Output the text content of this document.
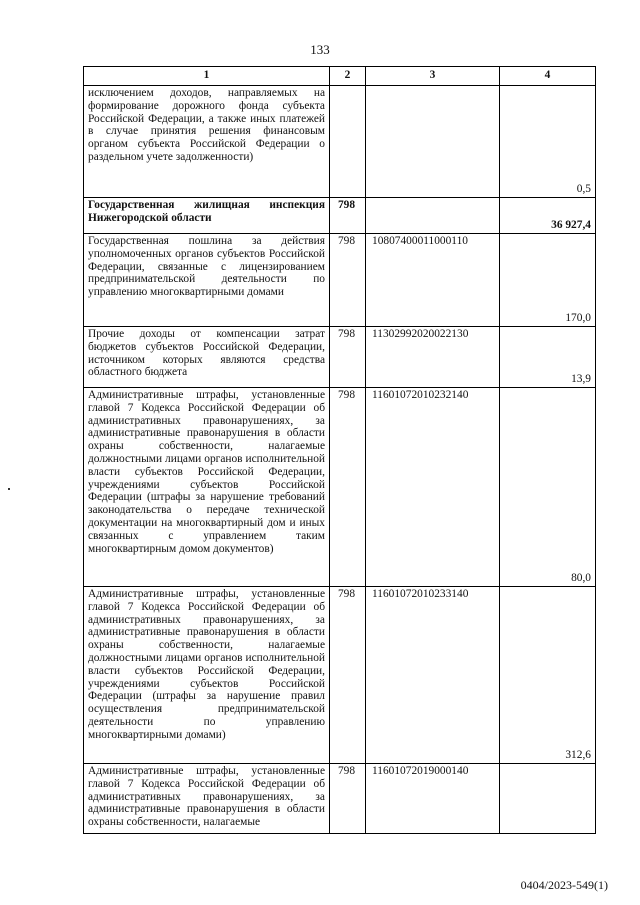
133
1	2	3	4
исключением доходов, направляемых на формирование дорожного фонда субъекта Российской Федерации, а также иных платежей в случае принятия решения финансовым органом субъекта Российской Федерации о раздельном учете задолженности)			0,5
Государственная жилищная инспекция Нижегородской области	798		36 927,4
Государственная пошлина за действия уполномоченных органов субъектов Российской Федерации, связанные с лицензированием предпринимательской деятельности по управлению многоквартирными домами	798	10807400011000110	170,0
Прочие доходы от компенсации затрат бюджетов субъектов Российской Федерации, источником которых являются средства областного бюджета	798	11302992020022130	13,9
Административные штрафы, установленные главой 7 Кодекса Российской Федерации об административных правонарушениях, за административные правонарушения в области охраны собственности, налагаемые должностными лицами органов исполнительной власти субъектов Российской Федерации, учреждениями субъектов Российской Федерации (штрафы за нарушение требований законодательства о передаче технической документации на многоквартирный дом и иных связанных с управлением таким многоквартирным домом документов)	798	11601072010232140	80,0
Административные штрафы, установленные главой 7 Кодекса Российской Федерации об административных правонарушениях, за административные правонарушения в области охраны собственности, налагаемые должностными лицами органов исполнительной власти субъектов Российской Федерации, учреждениями субъектов Российской Федерации (штрафы за нарушение правил осуществления предпринимательской деятельности по управлению многоквартирными домами)	798	11601072010233140	312,6
Административные штрафы, установленные главой 7 Кодекса Российской Федерации об административных правонарушениях, за административные правонарушения в области охраны собственности, налагаемые	798	11601072019000140	
0404/2023-549(1)
